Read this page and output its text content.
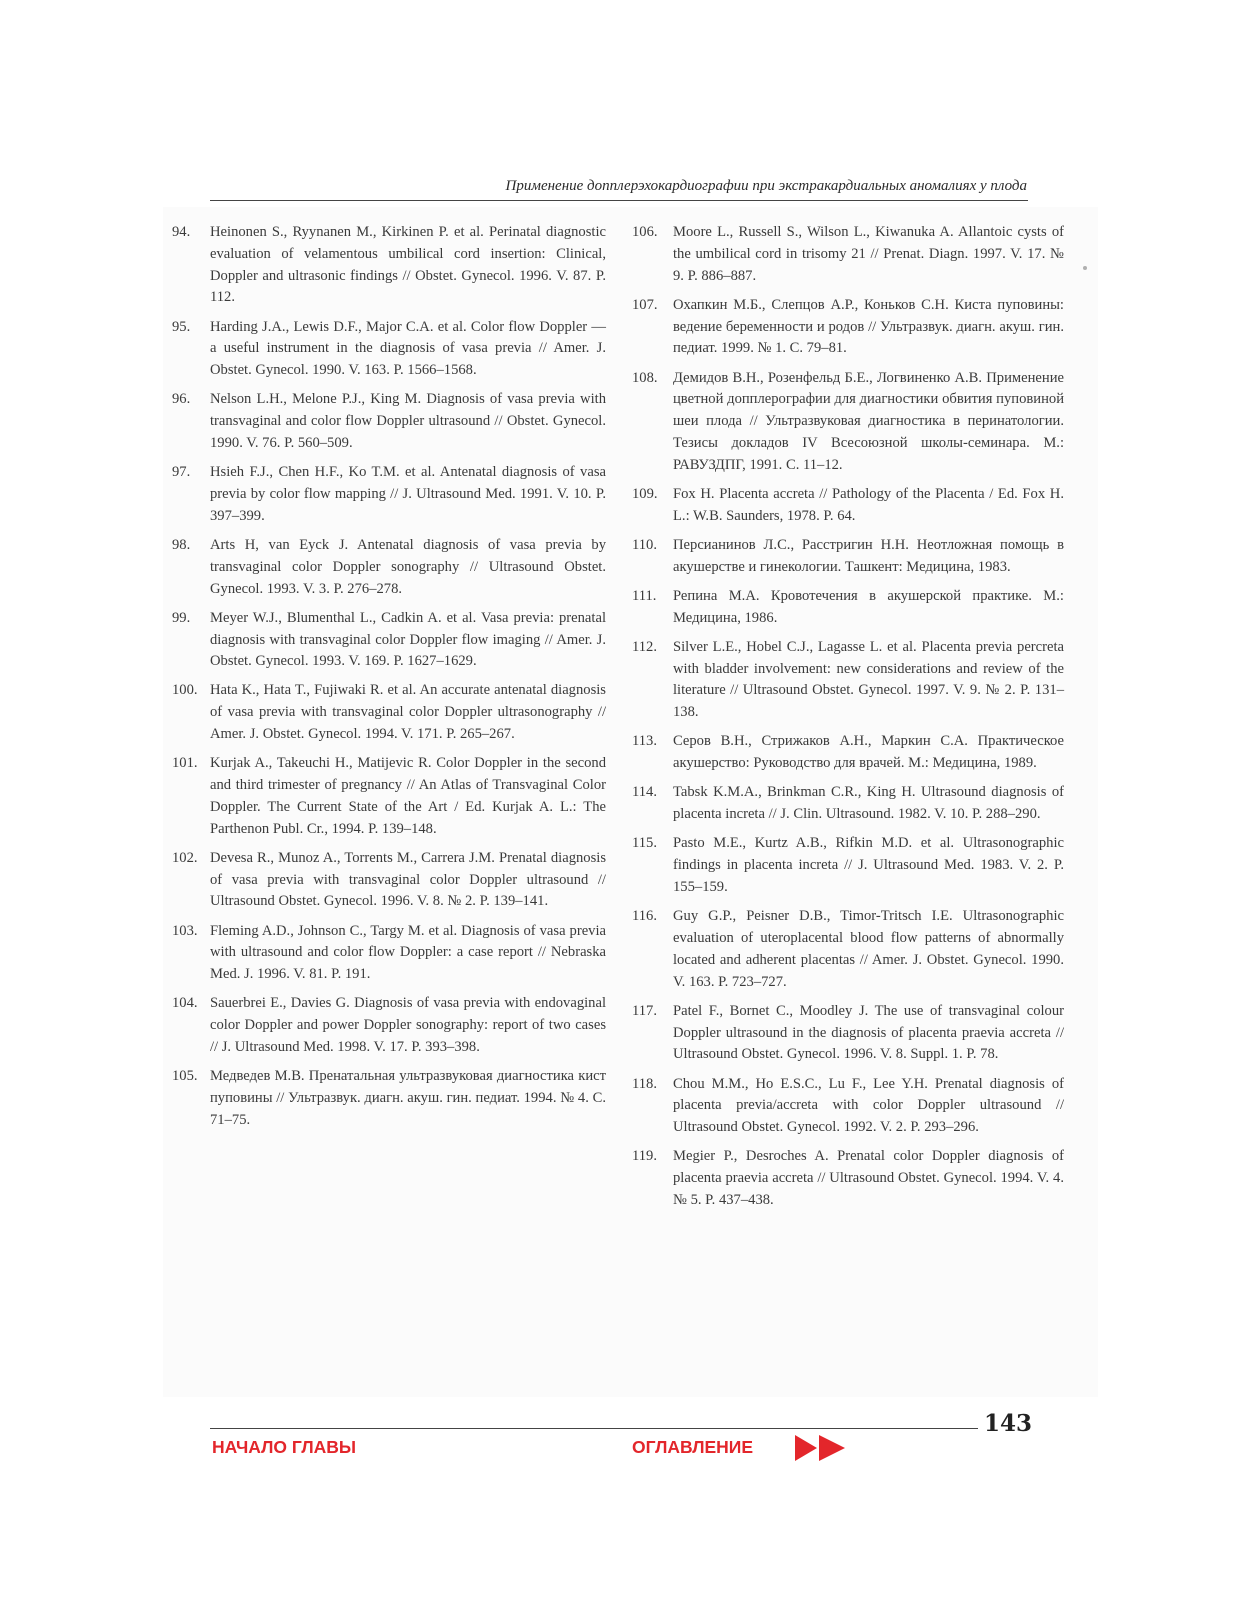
Применение допплерэхокардиографии при экстракардиальных аномалиях у плода
94.	Heinonen S., Ryynanen M., Kirkinen P. et al. Perinatal diagnostic evaluation of velamentous umbilical cord insertion: Clinical, Doppler and ultrasonic findings // Obstet. Gynecol. 1996. V. 87. P. 112.
95.	Harding J.A., Lewis D.F., Major C.A. et al. Color flow Doppler — a useful instrument in the diagnosis of vasa previa // Amer. J. Obstet. Gynecol. 1990. V. 163. P. 1566–1568.
96.	Nelson L.H., Melone P.J., King M. Diagnosis of vasa previa with transvaginal and color flow Doppler ultrasound // Obstet. Gynecol. 1990. V. 76. P. 560–509.
97.	Hsieh F.J., Chen H.F., Ko T.M. et al. Antenatal diagnosis of vasa previa by color flow mapping // J. Ultrasound Med. 1991. V. 10. P. 397–399.
98.	Arts H, van Eyck J. Antenatal diagnosis of vasa previa by transvaginal color Doppler sonography // Ultrasound Obstet. Gynecol. 1993. V. 3. P. 276–278.
99.	Meyer W.J., Blumenthal L., Cadkin A. et al. Vasa previa: prenatal diagnosis with transvaginal color Doppler flow imaging // Amer. J. Obstet. Gynecol. 1993. V. 169. P. 1627–1629.
100. Hata K., Hata T., Fujiwaki R. et al. An accurate antenatal diagnosis of vasa previa with transvaginal color Doppler ultrasonography // Amer. J. Obstet. Gynecol. 1994. V. 171. P. 265–267.
101. Kurjak A., Takeuchi H., Matijevic R. Color Doppler in the second and third trimester of pregnancy // An Atlas of Transvaginal Color Doppler. The Current State of the Art / Ed. Kurjak A. L.: The Parthenon Publ. Cr., 1994. P. 139–148.
102. Devesa R., Munoz A., Torrents M., Carrera J.M. Prenatal diagnosis of vasa previa with transvaginal color Doppler ultrasound // Ultrasound Obstet. Gynecol. 1996. V. 8. № 2. P. 139–141.
103. Fleming A.D., Johnson C., Targy M. et al. Diagnosis of vasa previa with ultrasound and color flow Doppler: a case report // Nebraska Med. J. 1996. V. 81. P. 191.
104. Sauerbrei E., Davies G. Diagnosis of vasa previa with endovaginal color Doppler and power Doppler sonography: report of two cases // J. Ultrasound Med. 1998. V. 17. P. 393–398.
105. Медведев М.В. Пренатальная ультразвуковая диагностика кист пуповины // Ультразвук. диагн. акуш. гин. педиат. 1994. № 4. С. 71–75.
106.	Moore L., Russell S., Wilson L., Kiwanuka A. Allantoic cysts of the umbilical cord in trisomy 21 // Prenat. Diagn. 1997. V. 17. № 9. P. 886–887.
107.	Охапкин М.Б., Слепцов А.Р., Коньков С.Н. Киста пуповины: ведение беременности и родов // Ультразвук. диагн. акуш. гин. педиат. 1999. № 1. С. 79–81.
108.	Демидов В.Н., Розенфельд Б.Е., Логвиненко А.В. Применение цветной допплерографии для диагностики обвития пуповиной шеи плода // Ультразвуковая диагностика в перинатологии. Тезисы докладов IV Всесоюзной школы-семинара. М.: РАВУЗДПГ, 1991. С. 11–12.
109.	Fox H. Placenta accreta // Pathology of the Placenta / Ed. Fox H. L.: W.B. Saunders, 1978. P. 64.
110.	Персианинов Л.С., Расстригин Н.Н. Неотложная помощь в акушерстве и гинекологии. Ташкент: Медицина, 1983.
111.	Репина М.А. Кровотечения в акушерской практике. М.: Медицина, 1986.
112.	Silver L.E., Hobel C.J., Lagasse L. et al. Placenta previa percreta with bladder involvement: new considerations and review of the literature // Ultrasound Obstet. Gynecol. 1997. V. 9. № 2. P. 131–138.
113.	Серов В.Н., Стрижаков А.Н., Маркин С.А. Практическое акушерство: Руководство для врачей. М.: Медицина, 1989.
114.	Tabsk K.M.A., Brinkman C.R., King H. Ultrasound diagnosis of placenta increta // J. Clin. Ultrasound. 1982. V. 10. P. 288–290.
115.	Pasto M.E., Kurtz A.B., Rifkin M.D. et al. Ultrasonographic findings in placenta increta // J. Ultrasound Med. 1983. V. 2. P. 155–159.
116.	Guy G.P., Peisner D.B., Timor-Tritsch I.E. Ultrasonographic evaluation of uteroplacental blood flow patterns of abnormally located and adherent placentas // Amer. J. Obstet. Gynecol. 1990. V. 163. P. 723–727.
117.	Patel F., Bornet C., Moodley J. The use of transvaginal colour Doppler ultrasound in the diagnosis of placenta praevia accreta // Ultrasound Obstet. Gynecol. 1996. V. 8. Suppl. 1. P. 78.
118.	Chou M.M., Ho E.S.C., Lu F., Lee Y.H. Prenatal diagnosis of placenta previa/accreta with color Doppler ultrasound // Ultrasound Obstet. Gynecol. 1992. V. 2. P. 293–296.
119.	Megier P., Desroches A. Prenatal color Doppler diagnosis of placenta praevia accreta // Ultrasound Obstet. Gynecol. 1994. V. 4. № 5. P. 437–438.
143
НАЧАЛО ГЛАВЫ	ОГЛАВЛЕНИЕ
